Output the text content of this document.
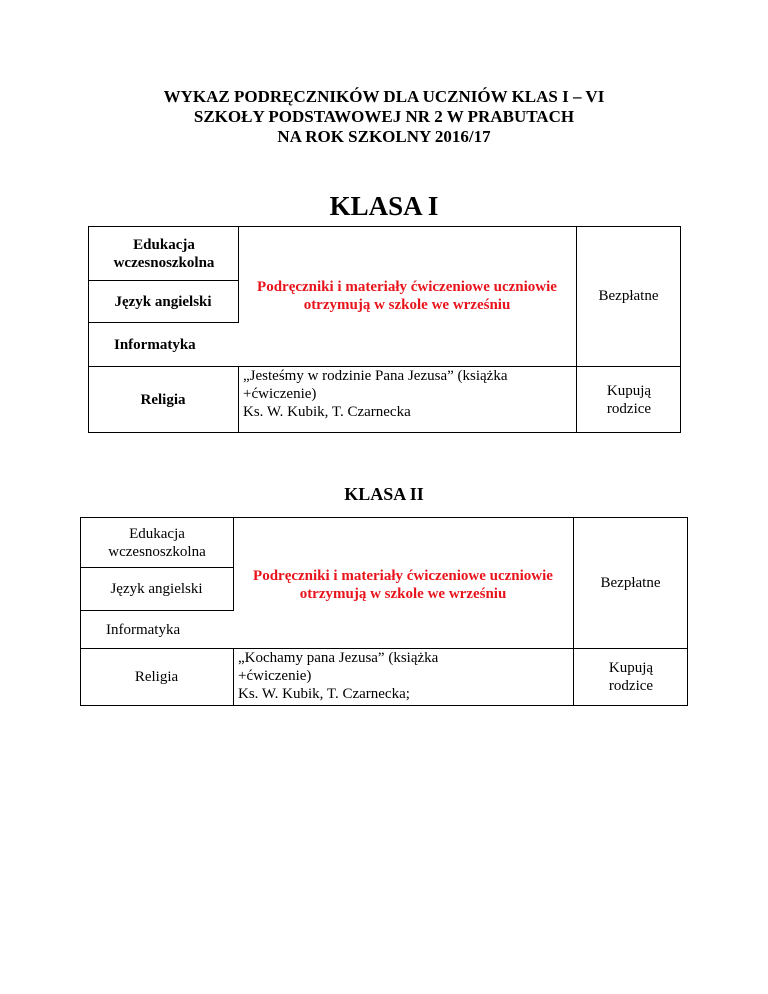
WYKAZ PODRĘCZNIKÓW DLA UCZNIÓW KLAS I – VI
SZKOŁY PODSTAWOWEJ NR 2 W PRABUTACH
NA ROK SZKOLNY 2016/17
KLASA I
Edukacja wczesnoszkolna
Język angielski
Informatyka
Podręczniki i materiały ćwiczeniowe uczniowie otrzymują w szkole we wrześniu
Bezpłatne
Religia
„Jesteśmy w rodzinie Pana Jezusa” (książka
+ćwiczenie)
Ks. W. Kubik, T. Czarnecka
Kupują rodzice
KLASA II
Edukacja wczesnoszkolna
Język angielski
Informatyka
Podręczniki i materiały ćwiczeniowe uczniowie otrzymują w szkole we wrześniu
Bezpłatne
Religia
„Kochamy pana Jezusa” (książka
+ćwiczenie)
Ks. W. Kubik, T. Czarnecka;
Kupują rodzice
